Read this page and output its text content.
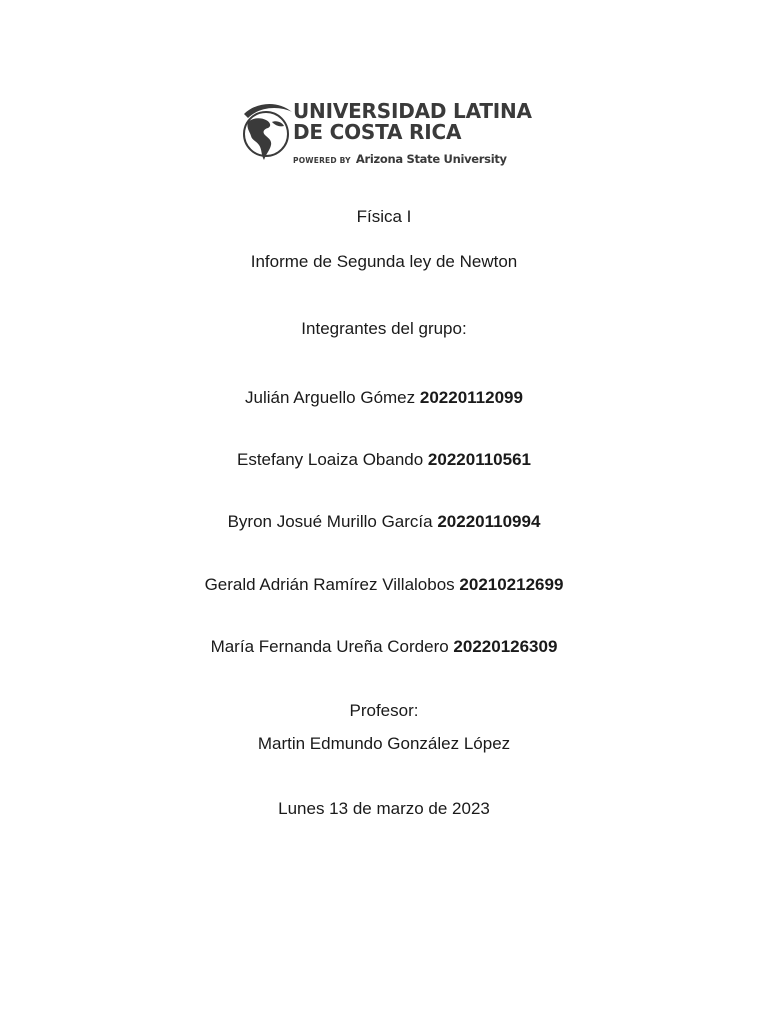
UNIVERSIDAD LATINA
DE COSTA RICA
POWERED BY Arizona State University
Física I
Informe de Segunda ley de Newton
Integrantes del grupo:
Julián Arguello Gómez 20220112099
Estefany Loaiza Obando 20220110561
Byron Josué Murillo García 20220110994
Gerald Adrián Ramírez Villalobos 20210212699
María Fernanda Ureña Cordero 20220126309
Profesor:
Martin Edmundo González López
Lunes 13 de marzo de 2023
